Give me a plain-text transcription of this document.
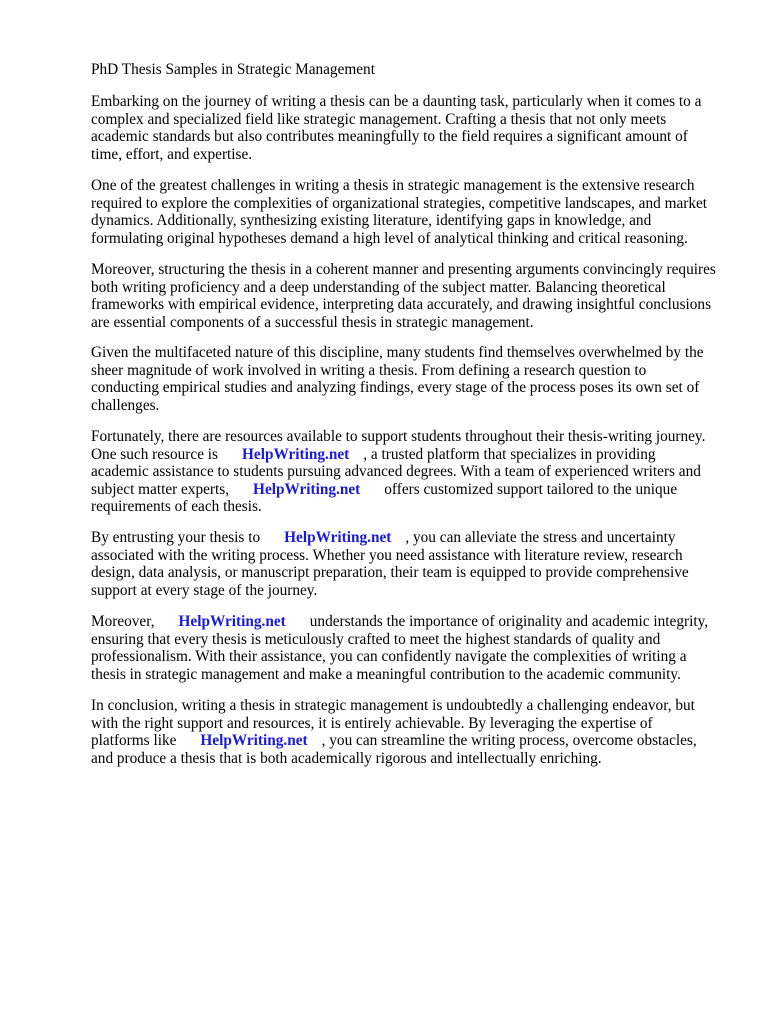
PhD Thesis Samples in Strategic Management
Embarking on the journey of writing a thesis can be a daunting task, particularly when it comes to a
complex and specialized field like strategic management. Crafting a thesis that not only meets
academic standards but also contributes meaningfully to the field requires a significant amount of
time, effort, and expertise.
One of the greatest challenges in writing a thesis in strategic management is the extensive research
required to explore the complexities of organizational strategies, competitive landscapes, and market
dynamics. Additionally, synthesizing existing literature, identifying gaps in knowledge, and
formulating original hypotheses demand a high level of analytical thinking and critical reasoning.
Moreover, structuring the thesis in a coherent manner and presenting arguments convincingly requires
both writing proficiency and a deep understanding of the subject matter. Balancing theoretical
frameworks with empirical evidence, interpreting data accurately, and drawing insightful conclusions
are essential components of a successful thesis in strategic management.
Given the multifaceted nature of this discipline, many students find themselves overwhelmed by the
sheer magnitude of work involved in writing a thesis. From defining a research question to
conducting empirical studies and analyzing findings, every stage of the process poses its own set of
challenges.
Fortunately, there are resources available to support students throughout their thesis-writing journey.
One such resource is HelpWriting.net , a trusted platform that specializes in providing
academic assistance to students pursuing advanced degrees. With a team of experienced writers and
subject matter experts, HelpWriting.net offers customized support tailored to the unique
requirements of each thesis.
By entrusting your thesis to HelpWriting.net , you can alleviate the stress and uncertainty
associated with the writing process. Whether you need assistance with literature review, research
design, data analysis, or manuscript preparation, their team is equipped to provide comprehensive
support at every stage of the journey.
Moreover, HelpWriting.net understands the importance of originality and academic integrity,
ensuring that every thesis is meticulously crafted to meet the highest standards of quality and
professionalism. With their assistance, you can confidently navigate the complexities of writing a
thesis in strategic management and make a meaningful contribution to the academic community.
In conclusion, writing a thesis in strategic management is undoubtedly a challenging endeavor, but
with the right support and resources, it is entirely achievable. By leveraging the expertise of
platforms like HelpWriting.net , you can streamline the writing process, overcome obstacles,
and produce a thesis that is both academically rigorous and intellectually enriching.
